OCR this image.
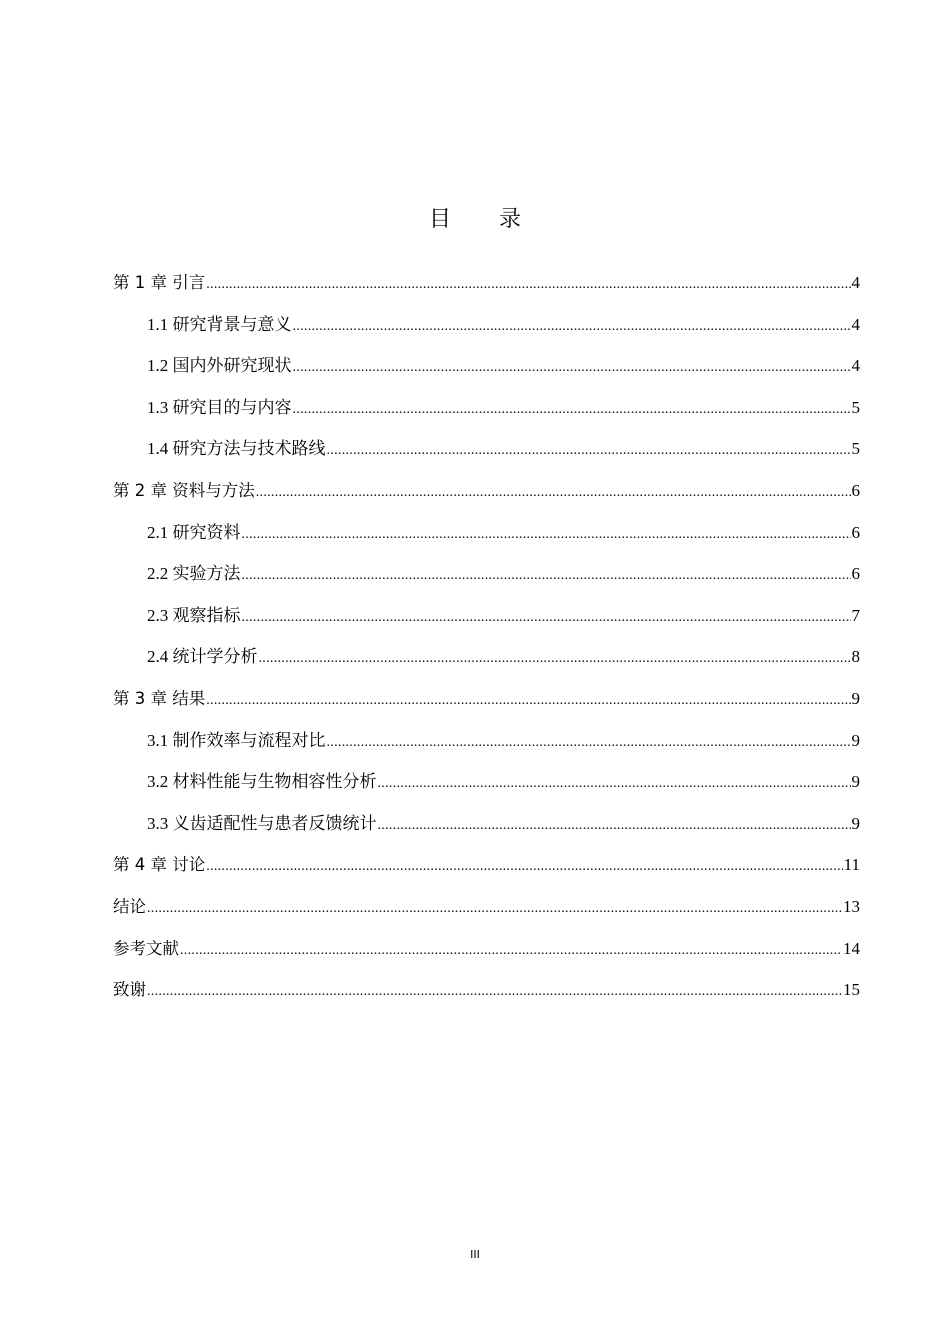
目 录
第 1 章 引言 .....	4
1.1 研究背景与意义 .....	4
1.2 国内外研究现状 .....	4
1.3 研究目的与内容 .....	5
1.4 研究方法与技术路线 .....	5
第 2 章 资料与方法 .....	6
2.1 研究资料 .....	6
2.2 实验方法 .....	6
2.3 观察指标 .....	7
2.4 统计学分析 .....	8
第 3 章 结果 .....	9
3.1 制作效率与流程对比 .....	9
3.2 材料性能与生物相容性分析 .....	9
3.3 义齿适配性与患者反馈统计 .....	9
第 4 章 讨论 .....	11
结论 .....	13
参考文献 .....	14
致谢 .....	15
III
